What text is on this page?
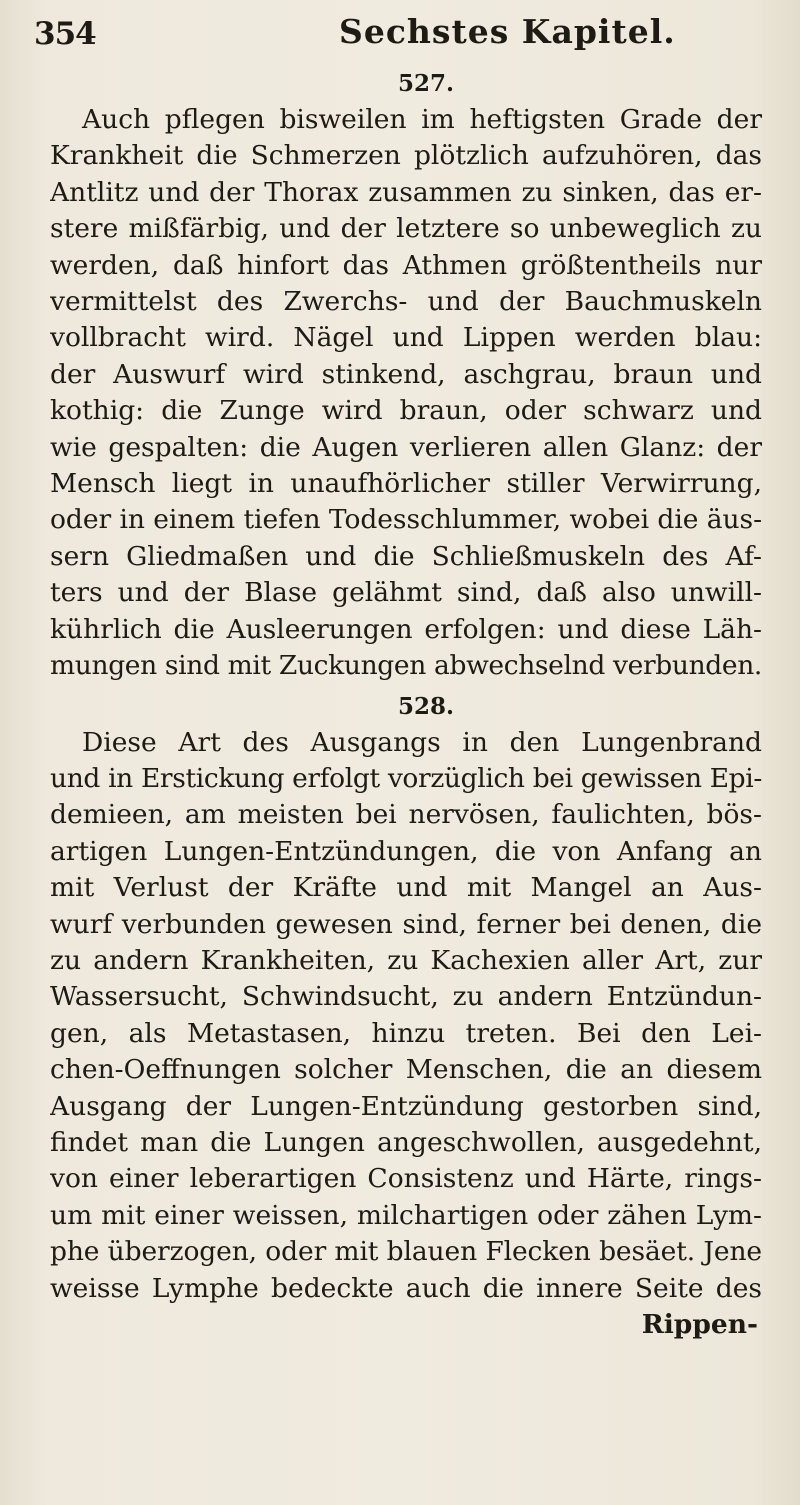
354	Sechstes Kapitel.
527.
Auch pflegen bisweilen im heftigsten Grade der
Krankheit die Schmerzen plötzlich aufzuhören, das
Antlitz und der Thorax zusammen zu sinken, das er-
stere mißfärbig, und der letztere so unbeweglich zu
werden, daß hinfort das Athmen größtentheils nur
vermittelst des Zwerchs- und der Bauchmuskeln
vollbracht wird. Nägel und Lippen werden blau:
der Auswurf wird stinkend, aschgrau, braun und
kothig: die Zunge wird braun, oder schwarz und
wie gespalten: die Augen verlieren allen Glanz: der
Mensch liegt in unaufhörlicher stiller Verwirrung,
oder in einem tiefen Todesschlummer, wobei die äus-
sern Gliedmaßen und die Schließmuskeln des Af-
ters und der Blase gelähmt sind, daß also unwill-
kührlich die Ausleerungen erfolgen: und diese Läh-
mungen sind mit Zuckungen abwechselnd verbunden.
528.
Diese Art des Ausgangs in den Lungenbrand
und in Erstickung erfolgt vorzüglich bei gewissen Epi-
demieen, am meisten bei nervösen, faulichten, bös-
artigen Lungen-Entzündungen, die von Anfang an
mit Verlust der Kräfte und mit Mangel an Aus-
wurf verbunden gewesen sind, ferner bei denen, die
zu andern Krankheiten, zu Kachexien aller Art, zur
Wassersucht, Schwindsucht, zu andern Entzündun-
gen, als Metastasen, hinzu treten. Bei den Lei-
chen-Oeffnungen solcher Menschen, die an diesem
Ausgang der Lungen-Entzündung gestorben sind,
findet man die Lungen angeschwollen, ausgedehnt,
von einer leberartigen Consistenz und Härte, rings-
um mit einer weissen, milchartigen oder zähen Lym-
phe überzogen, oder mit blauen Flecken besäet. Jene
weisse Lymphe bedeckte auch die innere Seite des
Rippen-
